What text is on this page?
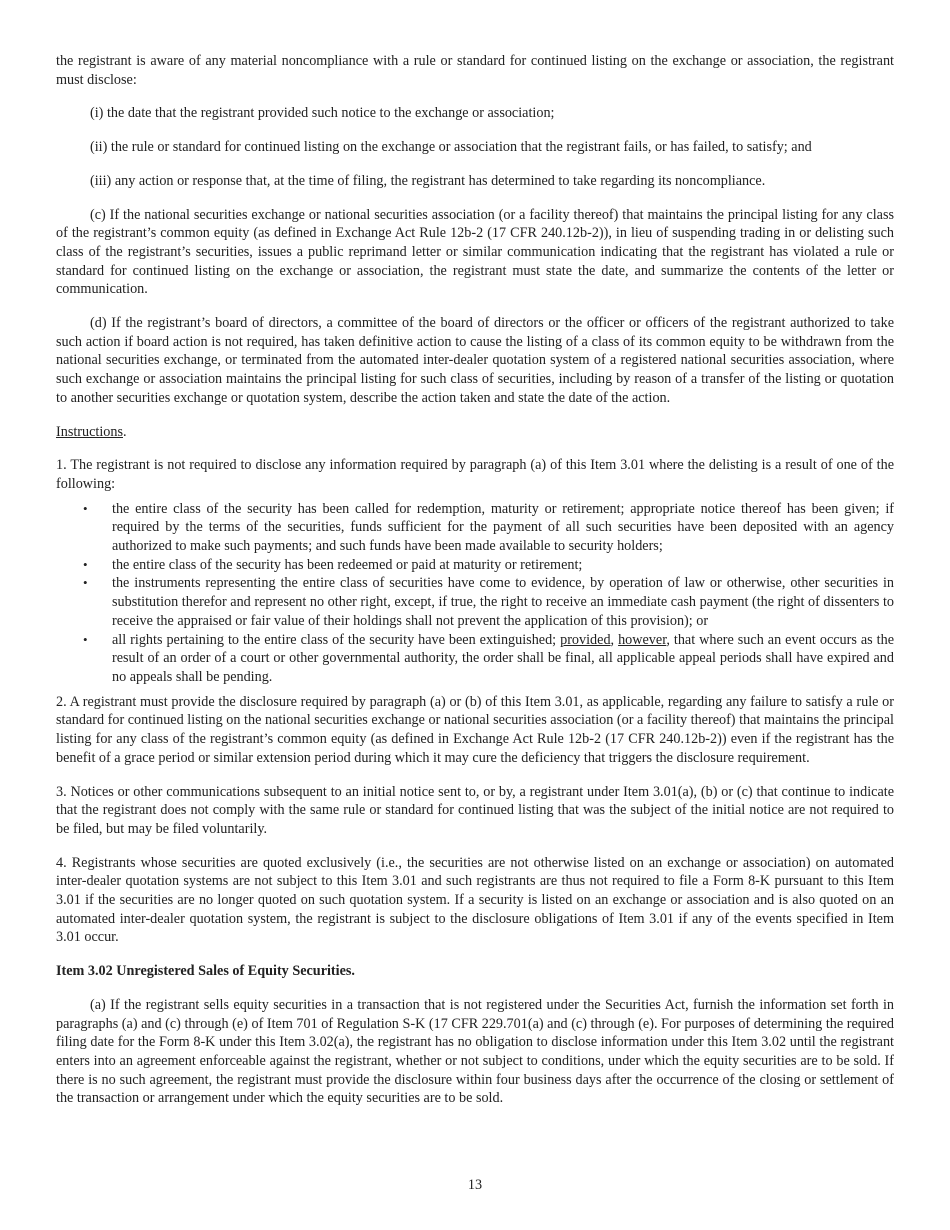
the registrant is aware of any material noncompliance with a rule or standard for continued listing on the exchange or association, the registrant must disclose:

(i) the date that the registrant provided such notice to the exchange or association;

(ii) the rule or standard for continued listing on the exchange or association that the registrant fails, or has failed, to satisfy; and

(iii) any action or response that, at the time of filing, the registrant has determined to take regarding its noncompliance.

(c) If the national securities exchange or national securities association (or a facility thereof) that maintains the principal listing for any class of the registrant’s common equity (as defined in Exchange Act Rule 12b-2 (17 CFR 240.12b-2)), in lieu of suspending trading in or delisting such class of the registrant’s securities, issues a public reprimand letter or similar communication indicating that the registrant has violated a rule or standard for continued listing on the exchange or association, the registrant must state the date, and summarize the contents of the letter or communication.

(d) If the registrant’s board of directors, a committee of the board of directors or the officer or officers of the registrant authorized to take such action if board action is not required, has taken definitive action to cause the listing of a class of its common equity to be withdrawn from the national securities exchange, or terminated from the automated inter-dealer quotation system of a registered national securities association, where such exchange or association maintains the principal listing for such class of securities, including by reason of a transfer of the listing or quotation to another securities exchange or quotation system, describe the action taken and state the date of the action.

Instructions.

1. The registrant is not required to disclose any information required by paragraph (a) of this Item 3.01 where the delisting is a result of one of the following:

• the entire class of the security has been called for redemption, maturity or retirement; appropriate notice thereof has been given; if required by the terms of the securities, funds sufficient for the payment of all such securities have been deposited with an agency authorized to make such payments; and such funds have been made available to security holders;
• the entire class of the security has been redeemed or paid at maturity or retirement;
• the instruments representing the entire class of securities have come to evidence, by operation of law or otherwise, other securities in substitution therefor and represent no other right, except, if true, the right to receive an immediate cash payment (the right of dissenters to receive the appraised or fair value of their holdings shall not prevent the application of this provision); or
• all rights pertaining to the entire class of the security have been extinguished; provided, however, that where such an event occurs as the result of an order of a court or other governmental authority, the order shall be final, all applicable appeal periods shall have expired and no appeals shall be pending.

2. A registrant must provide the disclosure required by paragraph (a) or (b) of this Item 3.01, as applicable, regarding any failure to satisfy a rule or standard for continued listing on the national securities exchange or national securities association (or a facility thereof) that maintains the principal listing for any class of the registrant’s common equity (as defined in Exchange Act Rule 12b-2 (17 CFR 240.12b-2)) even if the registrant has the benefit of a grace period or similar extension period during which it may cure the deficiency that triggers the disclosure requirement.

3. Notices or other communications subsequent to an initial notice sent to, or by, a registrant under Item 3.01(a), (b) or (c) that continue to indicate that the registrant does not comply with the same rule or standard for continued listing that was the subject of the initial notice are not required to be filed, but may be filed voluntarily.

4. Registrants whose securities are quoted exclusively (i.e., the securities are not otherwise listed on an exchange or association) on automated inter-dealer quotation systems are not subject to this Item 3.01 and such registrants are thus not required to file a Form 8-K pursuant to this Item 3.01 if the securities are no longer quoted on such quotation system. If a security is listed on an exchange or association and is also quoted on an automated inter-dealer quotation system, the registrant is subject to the disclosure obligations of Item 3.01 if any of the events specified in Item 3.01 occur.

Item 3.02 Unregistered Sales of Equity Securities.

(a) If the registrant sells equity securities in a transaction that is not registered under the Securities Act, furnish the information set forth in paragraphs (a) and (c) through (e) of Item 701 of Regulation S-K (17 CFR 229.701(a) and (c) through (e). For purposes of determining the required filing date for the Form 8-K under this Item 3.02(a), the registrant has no obligation to disclose information under this Item 3.02 until the registrant enters into an agreement enforceable against the registrant, whether or not subject to conditions, under which the equity securities are to be sold. If there is no such agreement, the registrant must provide the disclosure within four business days after the occurrence of the closing or settlement of the transaction or arrangement under which the equity securities are to be sold.

13
